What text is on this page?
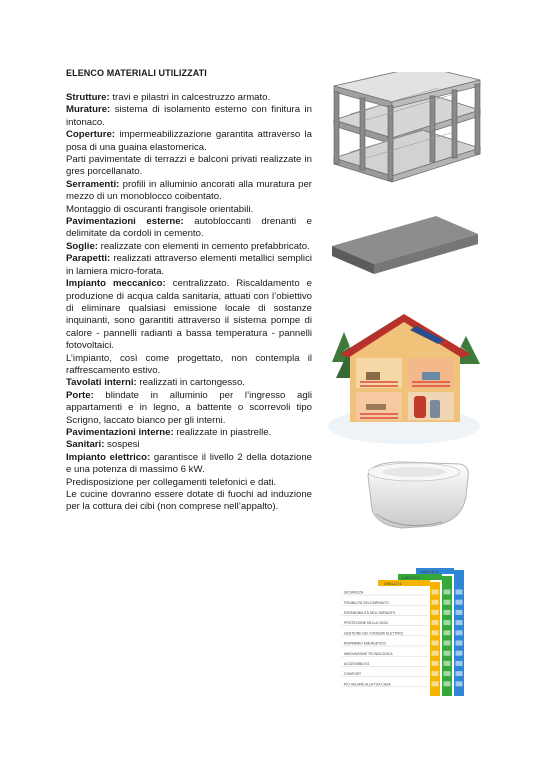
ELENCO MATERIALI UTILIZZATI

Strutture: travi e pilastri in calcestruzzo armato.

Murature: sistema di isolamento esterno con finitura in intonaco.

Coperture: impermeabilizzazione garantita attraverso la posa di una guaina elastomerica.

Parti pavimentate di terrazzi e balconi privati realizzate in gres porcellanato.

Serramenti: profili in alluminio ancorati alla muratura per mezzo di un monoblocco coibentato.

Montaggio di oscuranti frangisole orientabili.

Pavimentazioni esterne: autobloccanti drenanti e delimitate da cordoli in cemento.

Soglie: realizzate con elementi in cemento prefabbricato.

Parapetti: realizzati attraverso elementi metallici semplici in lamiera micro-forata.

Impianto meccanico: centralizzato. Riscaldamento e produzione di acqua calda sanitaria, attuati con l’obiettivo di eliminare qualsiasi emissione locale di sostanze inquinanti, sono garantiti attraverso il sistema pompe di calore - pannelli radianti a bassa temperatura - pannelli fotovoltaici.

L’impianto, così come progettato, non contempla il raffrescamento estivo.

Tavolati interni: realizzati in cartongesso.

Porte: blindate in alluminio per l’ingresso agli appartamenti e in legno, a battente o scorrevoli tipo Scrigno, laccato bianco per gli interni.

Pavimentazioni interne: realizzate in piastrelle.

Sanitari: sospesi

Impianto elettrico: garantisce il livello 2 della dotazione e una potenza di massimo 6 kW.

Predisposizione per collegamenti telefonici e dati.

Le cucine dovranno essere dotate di fuochi ad induzione per la cottura dei cibi (non comprese nell’appalto).

LIVELLO 1
LIVELLO 2
LIVELLO 3
SICUREZZA
FRUIBILITÀ DELL’IMPIANTO
ESPANDIBILITÀ DELL’IMPIANTO
PROTEZIONE DELLA CASA
GESTIONE DEI CONSUMI ELETTRICI
RISPARMIO ENERGETICO
INNOVAZIONE TECNOLOGICA
ACCESSIBILITÀ
COMFORT
PIÙ VALORE ALLA TUA CASA
